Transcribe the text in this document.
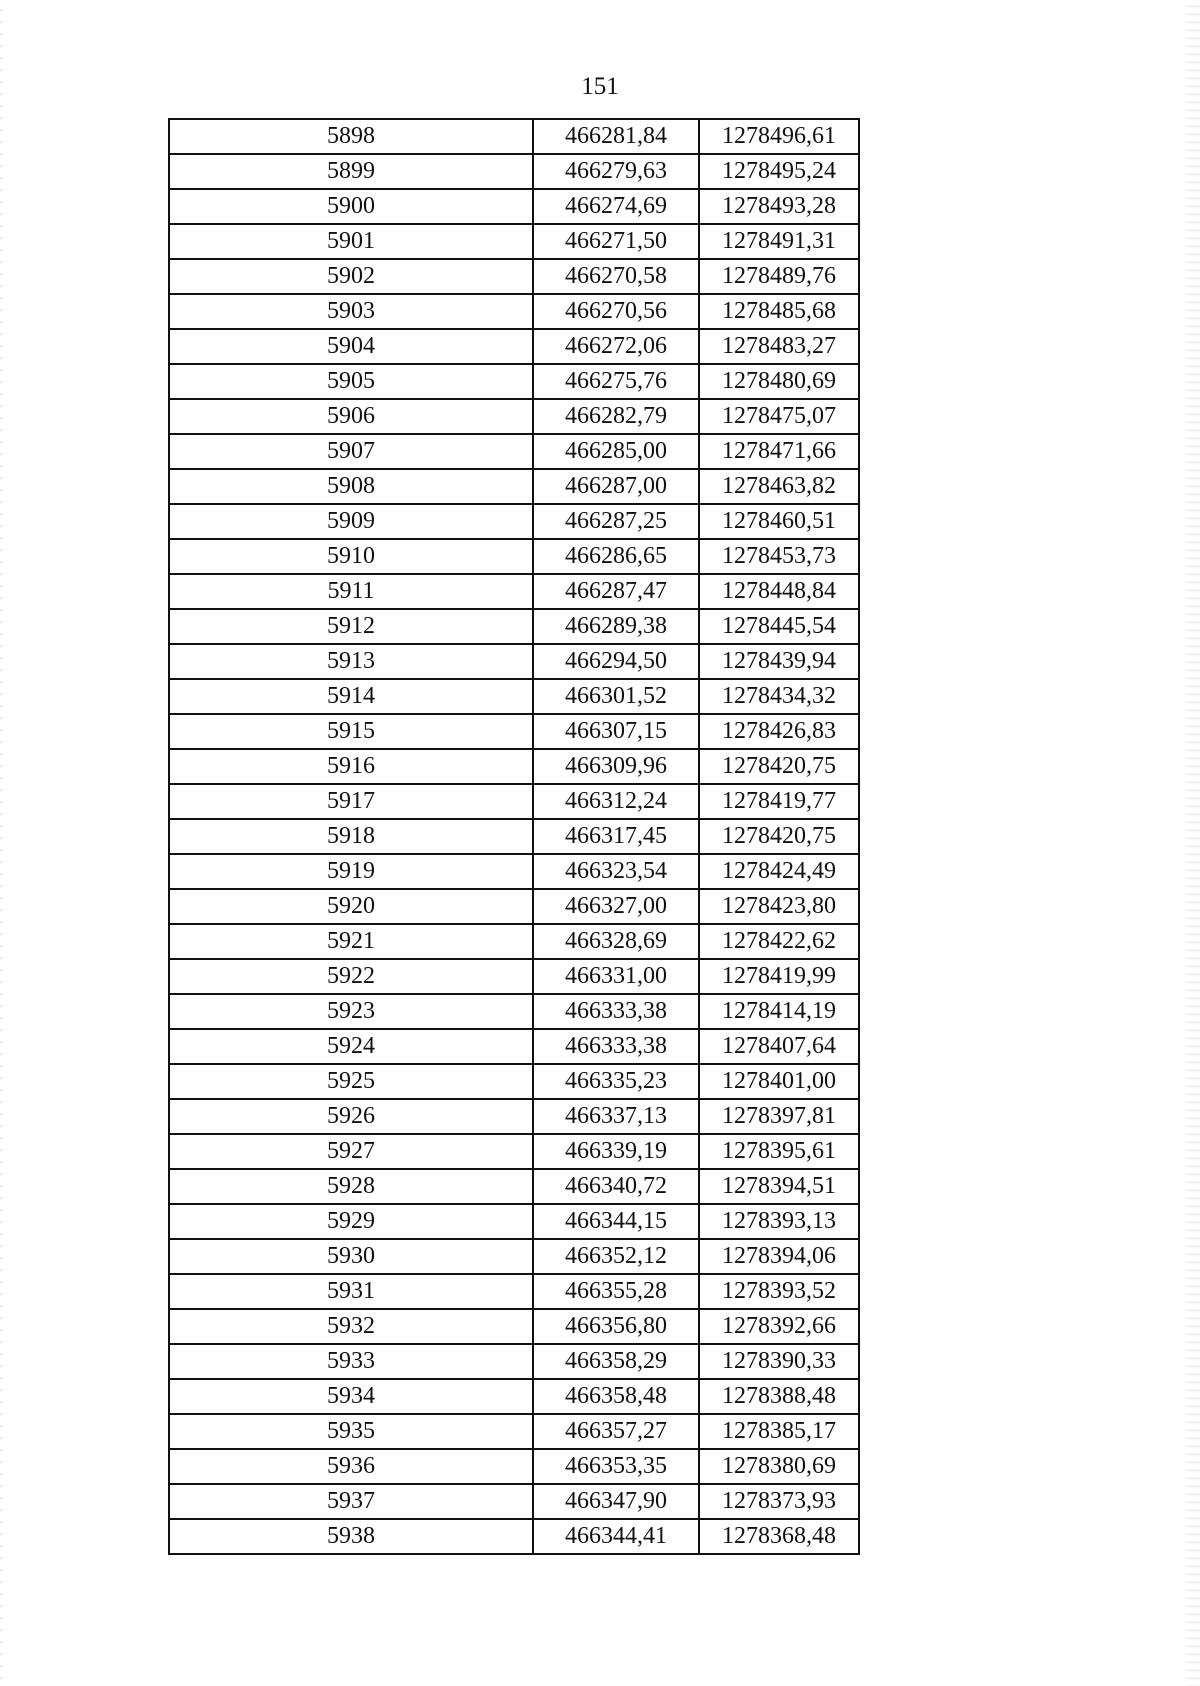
151
5898	466281,84	1278496,61
5899	466279,63	1278495,24
5900	466274,69	1278493,28
5901	466271,50	1278491,31
5902	466270,58	1278489,76
5903	466270,56	1278485,68
5904	466272,06	1278483,27
5905	466275,76	1278480,69
5906	466282,79	1278475,07
5907	466285,00	1278471,66
5908	466287,00	1278463,82
5909	466287,25	1278460,51
5910	466286,65	1278453,73
5911	466287,47	1278448,84
5912	466289,38	1278445,54
5913	466294,50	1278439,94
5914	466301,52	1278434,32
5915	466307,15	1278426,83
5916	466309,96	1278420,75
5917	466312,24	1278419,77
5918	466317,45	1278420,75
5919	466323,54	1278424,49
5920	466327,00	1278423,80
5921	466328,69	1278422,62
5922	466331,00	1278419,99
5923	466333,38	1278414,19
5924	466333,38	1278407,64
5925	466335,23	1278401,00
5926	466337,13	1278397,81
5927	466339,19	1278395,61
5928	466340,72	1278394,51
5929	466344,15	1278393,13
5930	466352,12	1278394,06
5931	466355,28	1278393,52
5932	466356,80	1278392,66
5933	466358,29	1278390,33
5934	466358,48	1278388,48
5935	466357,27	1278385,17
5936	466353,35	1278380,69
5937	466347,90	1278373,93
5938	466344,41	1278368,48
